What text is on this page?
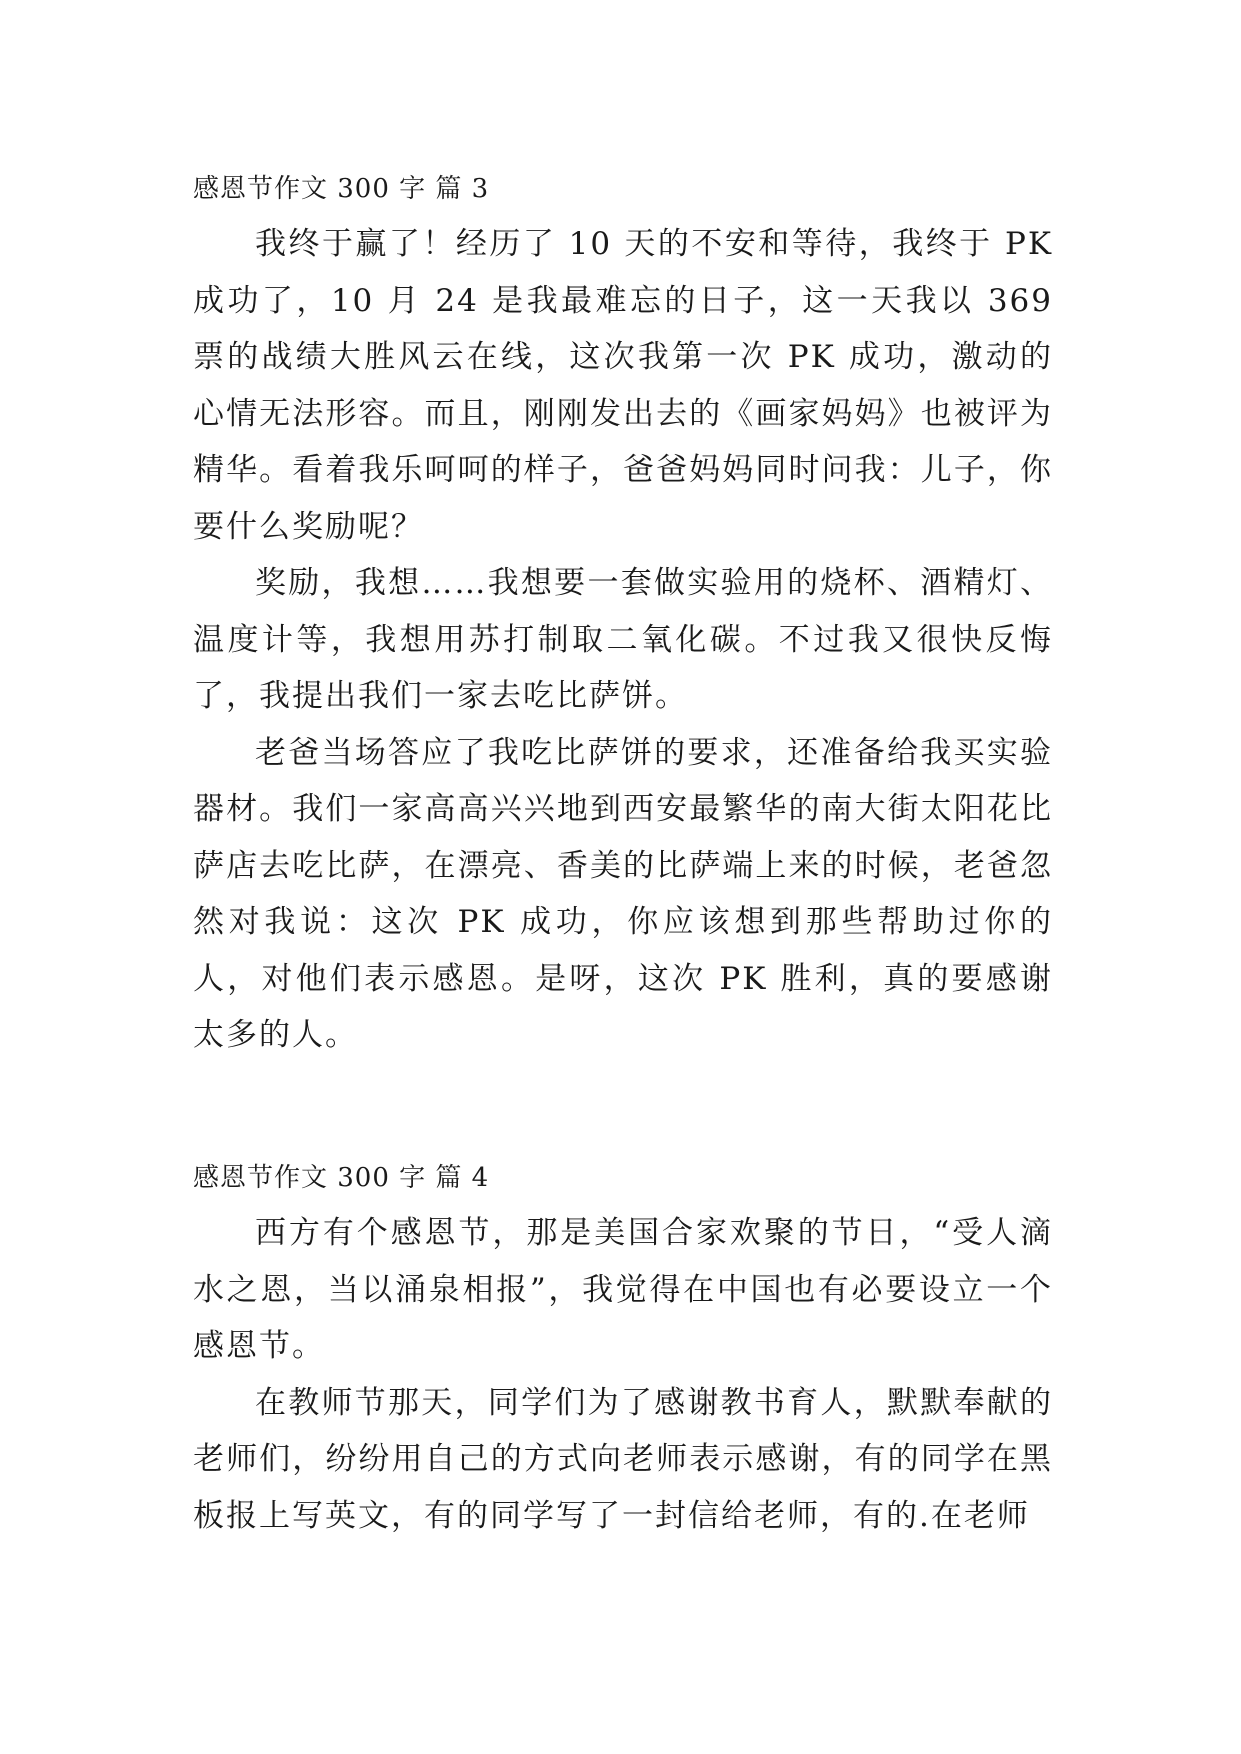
感恩节作文 300 字 篇 3

我终于赢了！经历了 10 天的不安和等待，我终于 PK 成功了，10 月 24 是我最难忘的日子，这一天我以 369 票的战绩大胜风云在线，这次我第一次 PK 成功，激动的心情无法形容。而且，刚刚发出去的《画家妈妈》也被评为精华。看着我乐呵呵的样子，爸爸妈妈同时问我：儿子，你要什么奖励呢？

奖励，我想……我想要一套做实验用的烧杯、酒精灯、温度计等，我想用苏打制取二氧化碳。不过我又很快反悔了，我提出我们一家去吃比萨饼。

老爸当场答应了我吃比萨饼的要求，还准备给我买实验器材。我们一家高高兴兴地到西安最繁华的南大街太阳花比萨店去吃比萨，在漂亮、香美的比萨端上来的时候，老爸忽然对我说：这次 PK 成功，你应该想到那些帮助过你的人，对他们表示感恩。是呀，这次 PK 胜利，真的要感谢太多的人。

感恩节作文 300 字 篇 4

西方有个感恩节，那是美国合家欢聚的节日，“受人滴水之恩，当以涌泉相报”，我觉得在中国也有必要设立一个感恩节。

在教师节那天，同学们为了感谢教书育人，默默奉献的老师们，纷纷用自己的方式向老师表示感谢，有的同学在黑板报上写英文，有的同学写了一封信给老师，有的.在老师
